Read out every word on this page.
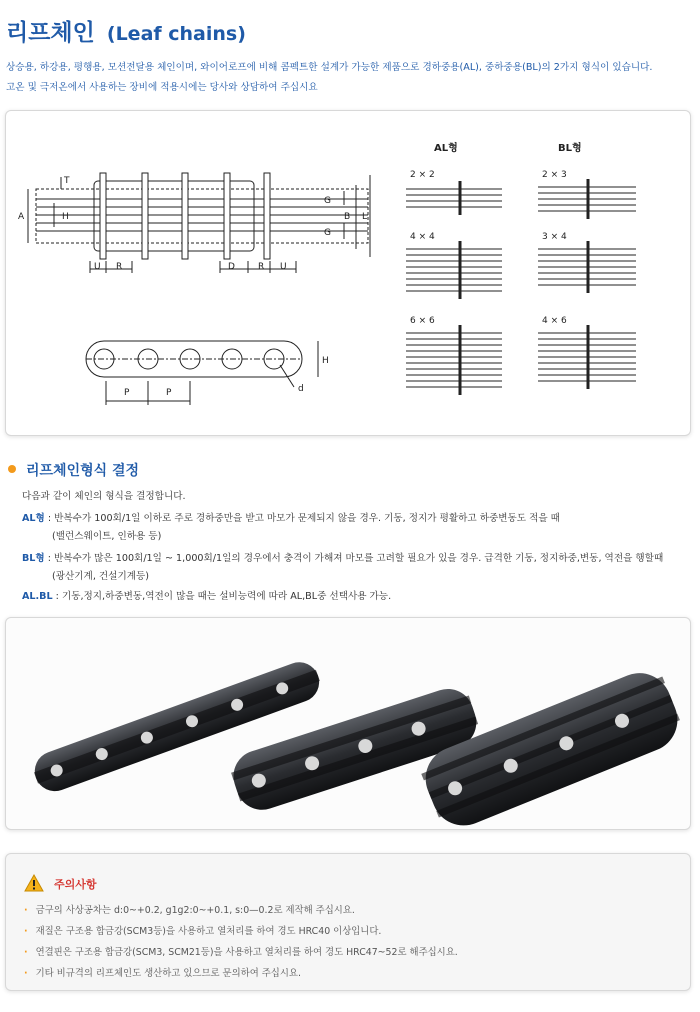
리프체인 (Leaf chains)
상승용, 하강용, 평행용, 모션전달용 체인이며, 와이어로프에 비해 콤펙트한 설계가 가능한 제품으로 경하중용(AL), 중하중용(BL)의 2가지 형식이 있습니다.
고온 및 극저온에서 사용하는 장비에 적용시에는 당사와 상담하여 주십시요
T
A	H
U R
G
B L
G
D	R U
H
P	P	d
AL형	BL형
2 × 2
4 × 4
6 × 6
2 × 3
3 × 4
4 × 6
리프체인형식 결정
다음과 같이 체인의 형식을 결정합니다.
AL형 : 반복수가 100회/1일 이하로 주로 경하중만을 받고 마모가 문제되지 않을 경우. 기동, 정지가 평활하고 하중변동도 적을 때
(밸런스웨이트, 인하용 등)
BL형 : 반복수가 많은 100회/1일 ~ 1,000회/1일의 경우에서 충격이 가해져 마모를 고려할 필요가 있을 경우. 급격한 기동, 정지하중,변동, 역전을 행할때
(광산기계, 건설기계등)
AL.BL : 기동,정지,하중변동,역전이 많을 때는 설비능력에 따라 AL,BL중 선택사용 가능.
주의사항
· 금구의 사상공차는 d:0~+0.2, g1g2:0~+0.1, s:0—0.2로 제작해 주십시요.
· 재질은 구조용 합금강(SCM3등)을 사용하고 열처리를 하여 경도 HRC40 이상입니다.
· 연결핀은 구조용 합금강(SCM3, SCM21등)을 사용하고 열처리를 하여 경도 HRC47~52로 해주십시요.
· 기타 비규격의 리프체인도 생산하고 있으므로 문의하여 주십시요.
